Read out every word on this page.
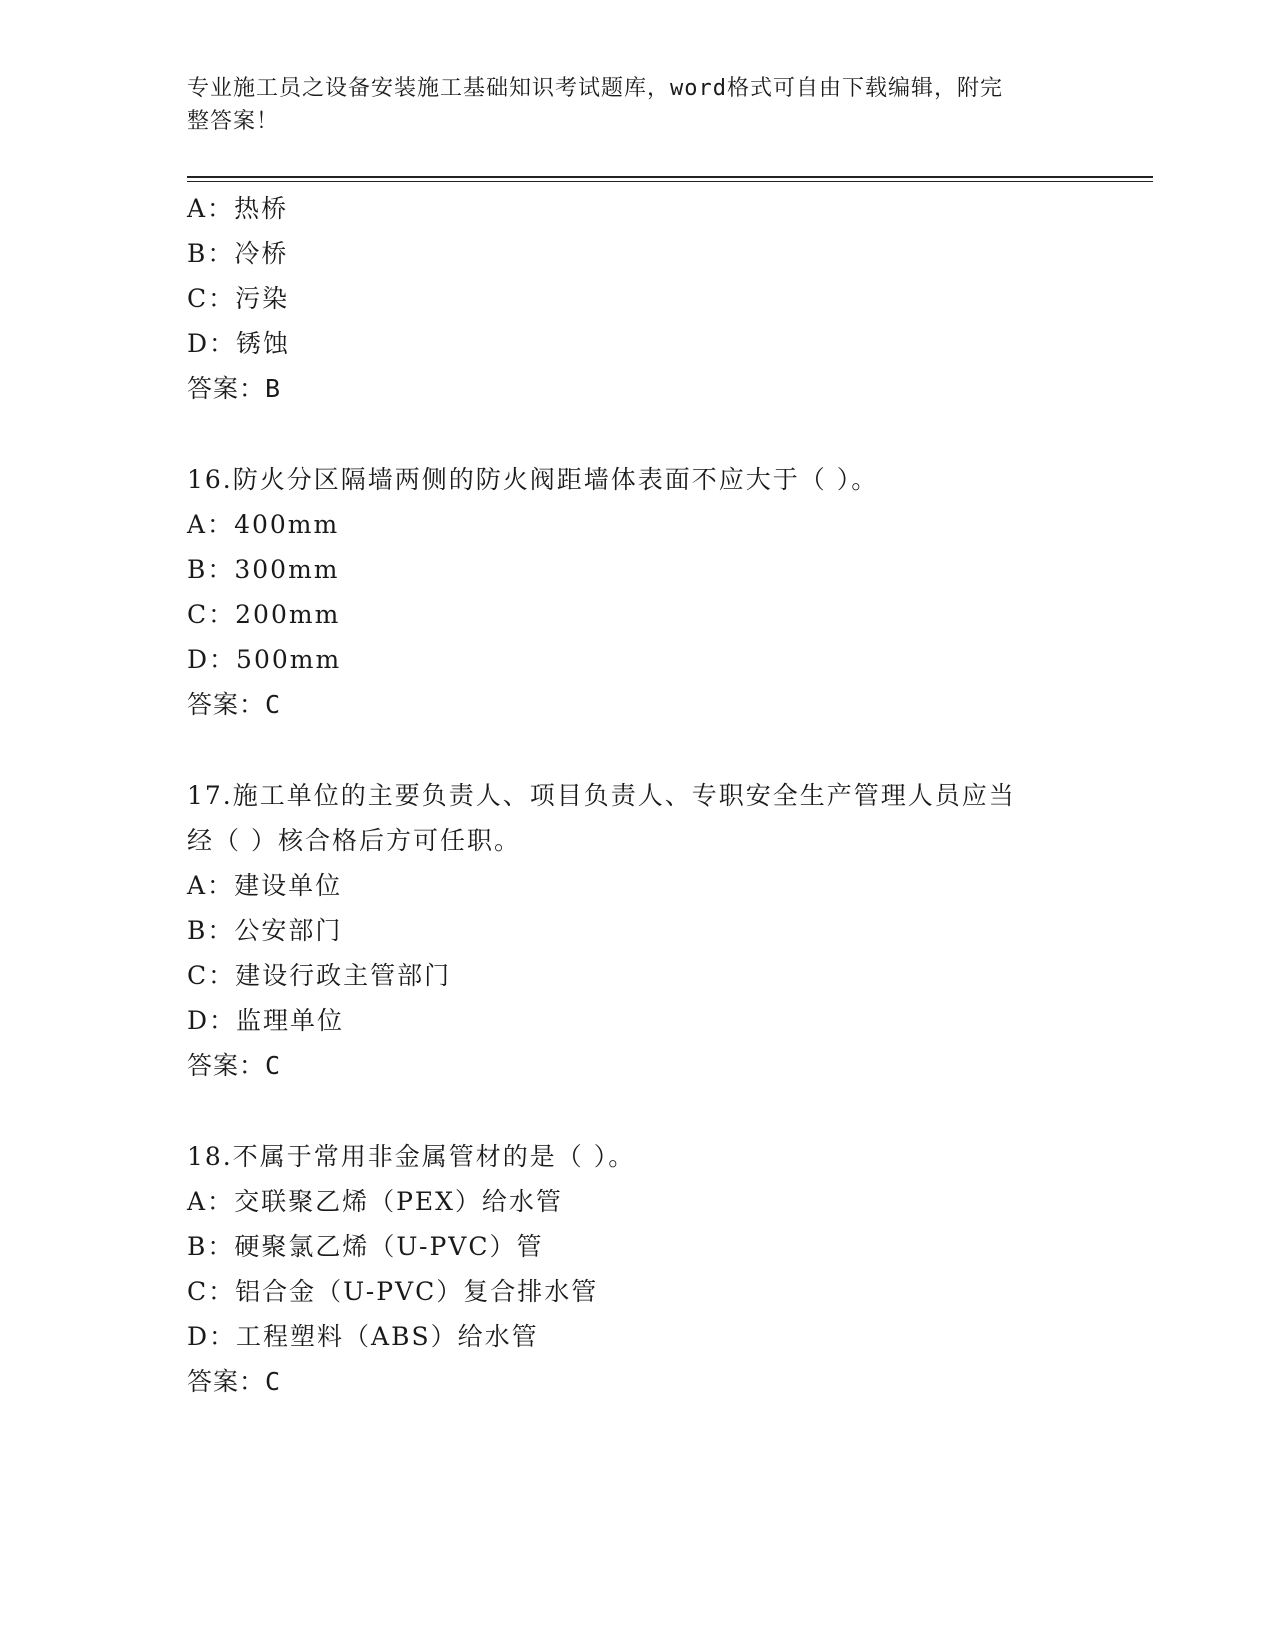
专业施工员之设备安装施工基础知识考试题库，word格式可自由下载编辑，附完
整答案！
A：热桥
B：冷桥
C：污染
D：锈蚀
答案：B
16.防火分区隔墙两侧的防火阀距墙体表面不应大于（ ）。
A：400mm
B：300mm
C：200mm
D：500mm
答案：C
17.施工单位的主要负责人、项目负责人、专职安全生产管理人员应当
经（ ）核合格后方可任职。
A：建设单位
B：公安部门
C：建设行政主管部门
D：监理单位
答案：C
18.不属于常用非金属管材的是（ ）。
A：交联聚乙烯（PEX）给水管
B：硬聚氯乙烯（U-PVC）管
C：铝合金（U-PVC）复合排水管
D：工程塑料（ABS）给水管
答案：C
